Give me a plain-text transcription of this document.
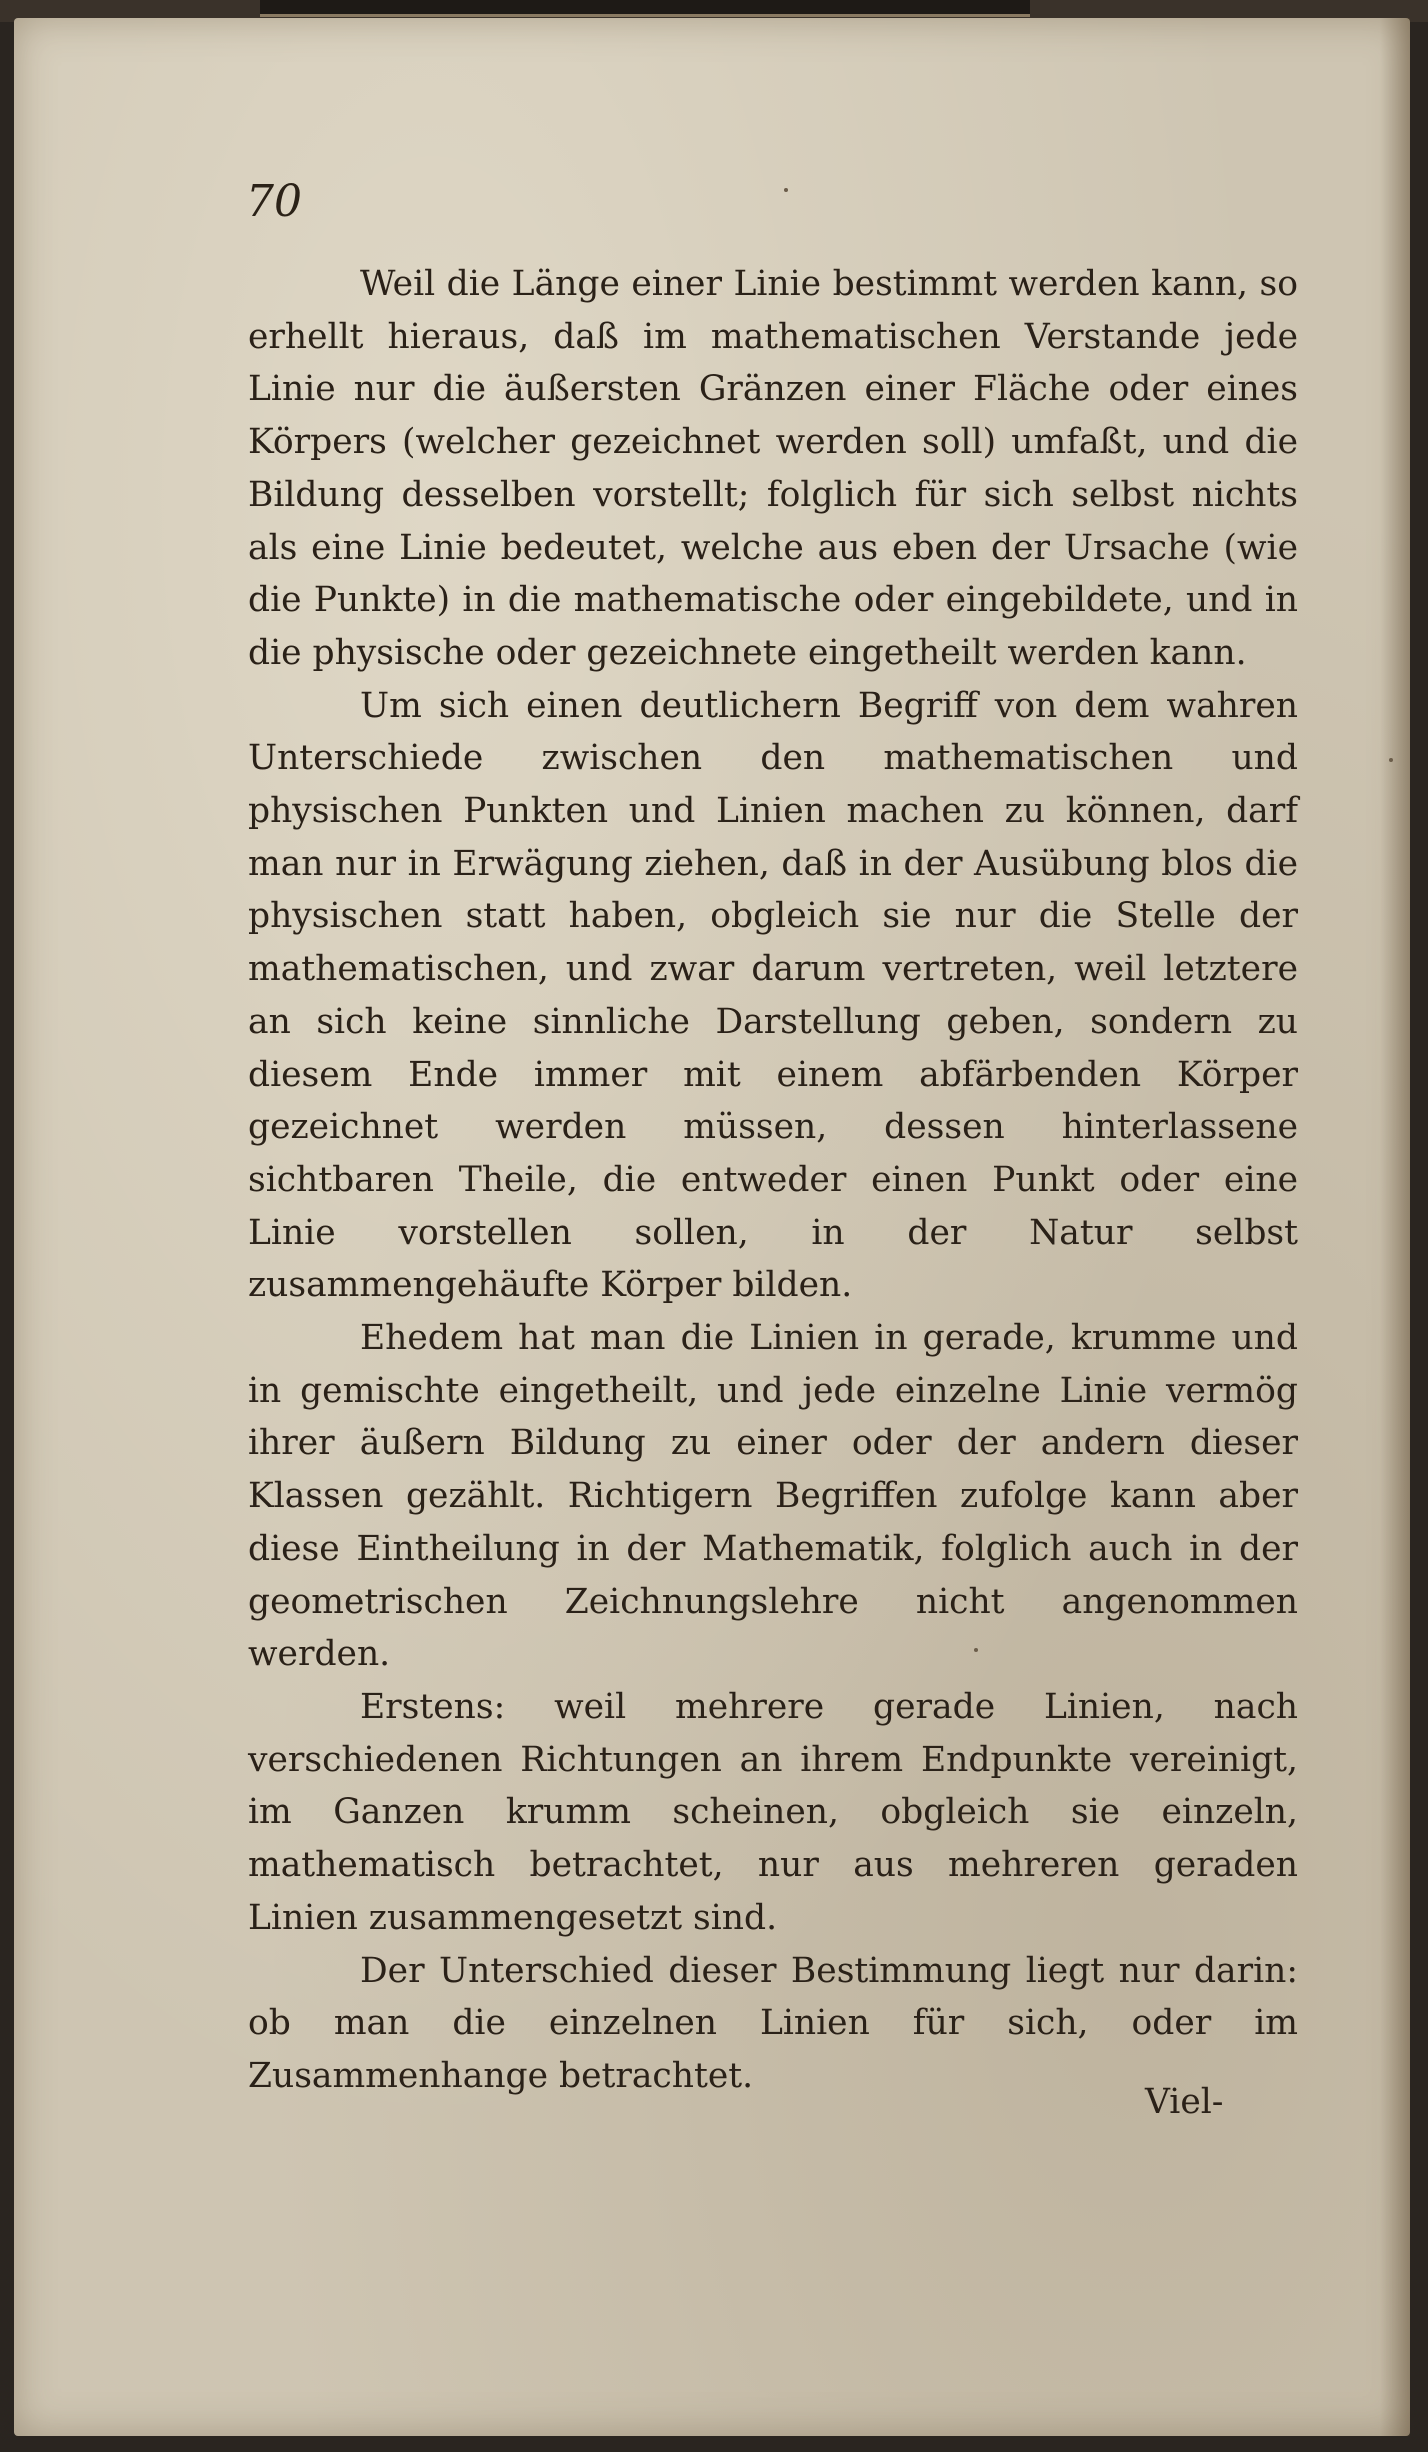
70

Weil die Länge einer Linie bestimmt werden kann, so erhellt hieraus, daß im mathematischen Verstande jede Linie nur die äußersten Gränzen einer Fläche oder eines Körpers (welcher gezeichnet werden soll) umfaßt, und die Bildung desselben vorstellt; folglich für sich selbst nichts als eine Linie bedeutet, welche aus eben der Ursache (wie die Punkte) in die mathematische oder eingebildete, und in die physische oder gezeichnete eingetheilt werden kann.

Um sich einen deutlichern Begriff von dem wahren Unterschiede zwischen den mathematischen und physischen Punkten und Linien machen zu können, darf man nur in Erwägung ziehen, daß in der Ausübung blos die physischen statt haben, obgleich sie nur die Stelle der mathematischen, und zwar darum vertreten, weil letztere an sich keine sinnliche Darstellung geben, sondern zu diesem Ende immer mit einem abfärbenden Körper gezeichnet werden müssen, dessen hinterlassene sichtbaren Theile, die entweder einen Punkt oder eine Linie vorstellen sollen, in der Natur selbst zusammengehäufte Körper bilden.

Ehedem hat man die Linien in gerade, krumme und in gemischte eingetheilt, und jede einzelne Linie vermög ihrer äußern Bildung zu einer oder der andern dieser Klassen gezählt. Richtigern Begriffen zufolge kann aber diese Eintheilung in der Mathematik, folglich auch in der geometrischen Zeichnungslehre nicht angenommen werden.

Erstens: weil mehrere gerade Linien, nach verschiedenen Richtungen an ihrem Endpunkte vereinigt, im Ganzen krumm scheinen, obgleich sie einzeln, mathematisch betrachtet, nur aus mehreren geraden Linien zusammengesetzt sind.

Der Unterschied dieser Bestimmung liegt nur darin: ob man die einzelnen Linien für sich, oder im Zusammenhange betrachtet.

Viel-
